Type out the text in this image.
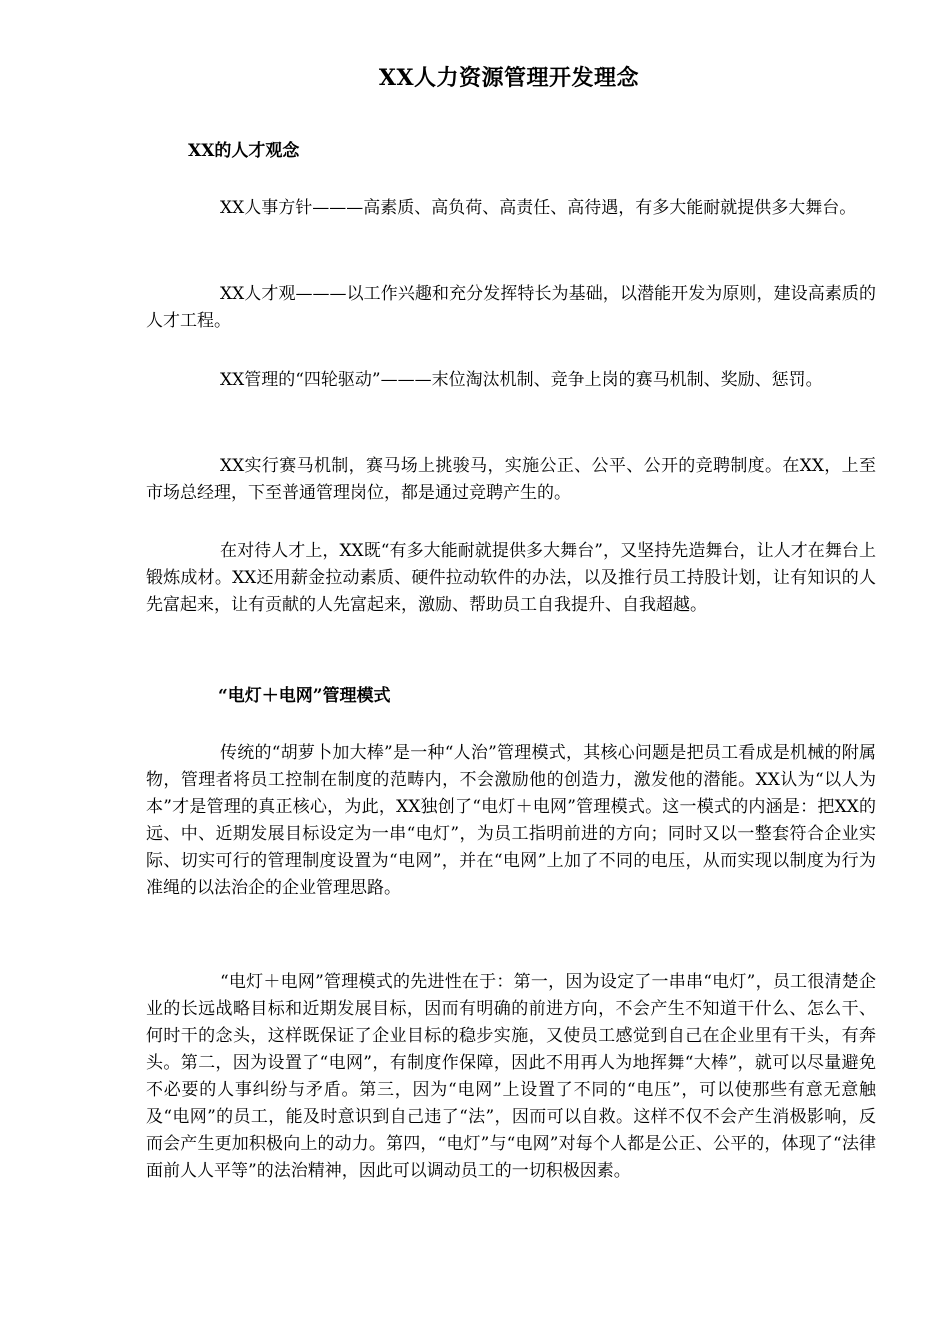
XX人力资源管理开发理念
XX的人才观念

XX人事方针———高素质、高负荷、高责任、高待遇，有多大能耐就提供多大舞台。

XX人才观———以工作兴趣和充分发挥特长为基础，以潜能开发为原则，建设高素质的人才工程。

XX管理的“四轮驱动”———末位淘汰机制、竞争上岗的赛马机制、奖励、惩罚。

XX实行赛马机制，赛马场上挑骏马，实施公正、公平、公开的竞聘制度。在XX，上至市场总经理，下至普通管理岗位，都是通过竞聘产生的。

在对待人才上，XX既“有多大能耐就提供多大舞台”，又坚持先造舞台，让人才在舞台上锻炼成材。XX还用薪金拉动素质、硬件拉动软件的办法，以及推行员工持股计划，让有知识的人先富起来，让有贡献的人先富起来，激励、帮助员工自我提升、自我超越。

“电灯＋电网”管理模式

传统的“胡萝卜加大棒”是一种“人治”管理模式，其核心问题是把员工看成是机械的附属物，管理者将员工控制在制度的范畴内，不会激励他的创造力，激发他的潜能。XX认为“以人为本”才是管理的真正核心，为此，XX独创了“电灯＋电网”管理模式。这一模式的内涵是：把XX的远、中、近期发展目标设定为一串“电灯”，为员工指明前进的方向；同时又以一整套符合企业实际、切实可行的管理制度设置为“电网”，并在“电网”上加了不同的电压，从而实现以制度为行为准绳的以法治企的企业管理思路。

“电灯＋电网”管理模式的先进性在于：第一，因为设定了一串串“电灯”，员工很清楚企业的长远战略目标和近期发展目标，因而有明确的前进方向，不会产生不知道干什么、怎么干、何时干的念头，这样既保证了企业目标的稳步实施，又使员工感觉到自己在企业里有干头，有奔头。第二，因为设置了“电网”，有制度作保障，因此不用再人为地挥舞“大棒”，就可以尽量避免不必要的人事纠纷与矛盾。第三，因为“电网”上设置了不同的“电压”，可以使那些有意无意触及“电网”的员工，能及时意识到自己违了“法”，因而可以自救。这样不仅不会产生消极影响，反而会产生更加积极向上的动力。第四，“电灯”与“电网”对每个人都是公正、公平的，体现了“法律面前人人平等”的法治精神，因此可以调动员工的一切积极因素。
